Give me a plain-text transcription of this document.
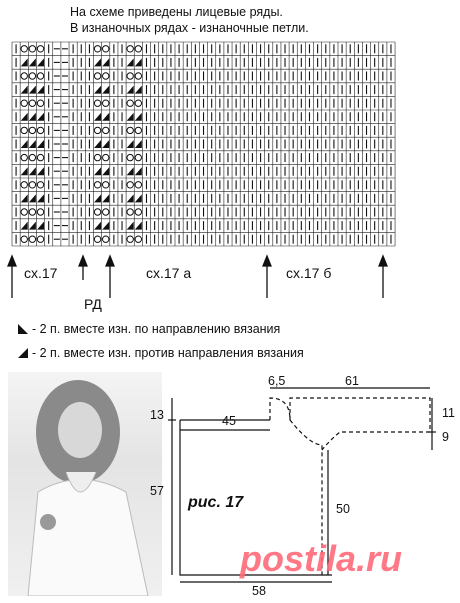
На схеме приведены лицевые ряды.
В изнаночных рядах - изнаночные петли.
сх.17
РД
сх.17 а	сх.17 б
- 2 п. вместе изн. по направлению вязания
- 2 п. вместе изн. против направления вязания
6,5	61
13	45
11
9
57
50
58
рис. 17
postila.ru
